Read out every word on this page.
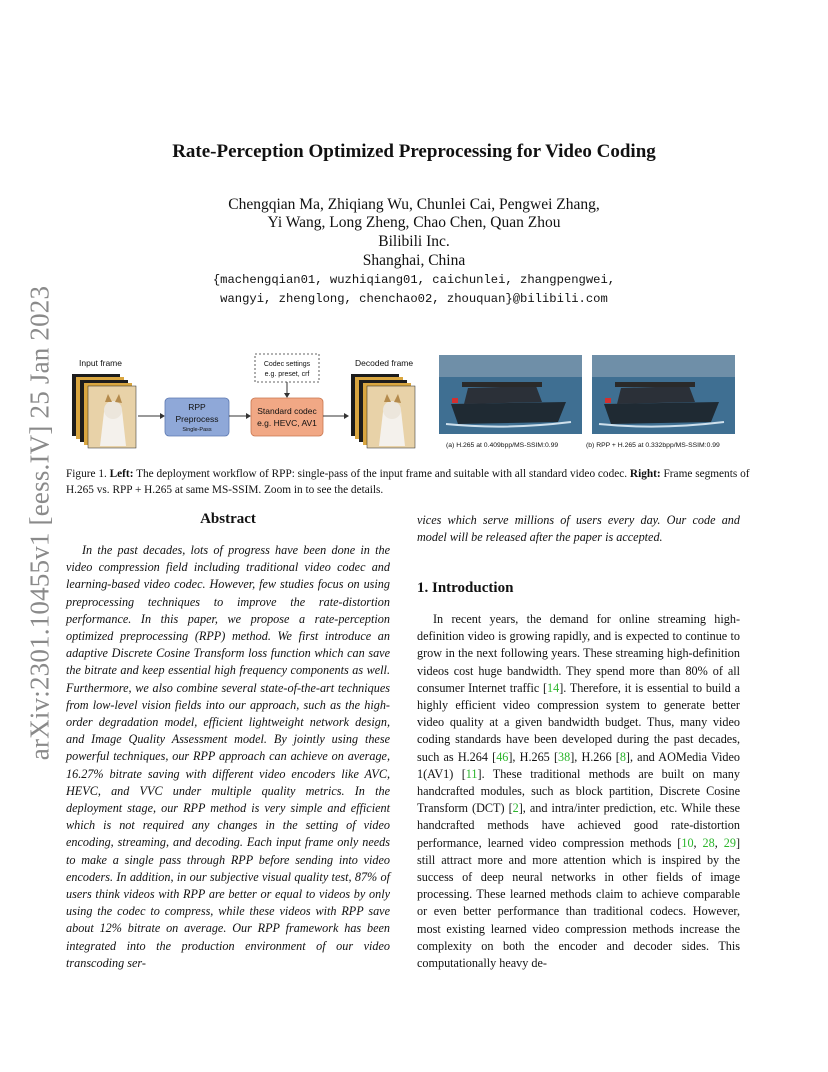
arXiv:2301.10455v1 [eess.IV] 25 Jan 2023
Rate-Perception Optimized Preprocessing for Video Coding
Chengqian Ma, Zhiqiang Wu, Chunlei Cai, Pengwei Zhang,
Yi Wang, Long Zheng, Chao Chen, Quan Zhou
Bilibili Inc.
Shanghai, China
{machengqian01, wuzhiqiang01, caichunlei, zhangpengwei,
wangyi, zhenglong, chenchao02, zhouquan}@bilibili.com
Input frame
RPP
Preprocess
Single-Pass
Codec settings
e.g. preset, crf
Standard codec
e.g. HEVC, AV1
Decoded frame
(a) H.265 at 0.409bpp/MS-SSIM:0.99	(b) RPP + H.265 at 0.332bpp/MS-SSIM:0.99
Figure 1. Left: The deployment workflow of RPP: single-pass of the input frame and suitable with all standard video codec. Right: Frame segments of H.265 vs. RPP + H.265 at same MS-SSIM. Zoom in to see the details.
Abstract

In the past decades, lots of progress have been done in the video compression field including traditional video codec and learning-based video codec. However, few studies focus on using preprocessing techniques to improve the rate-distortion performance. In this paper, we propose a rate-perception optimized preprocessing (RPP) method. We first introduce an adaptive Discrete Cosine Transform loss function which can save the bitrate and keep essential high frequency components as well. Furthermore, we also combine several state-of-the-art techniques from low-level vision fields into our approach, such as the high-order degradation model, efficient lightweight network design, and Image Quality Assessment model. By jointly using these powerful techniques, our RPP approach can achieve on average, 16.27% bitrate saving with different video encoders like AVC, HEVC, and VVC under multiple quality metrics. In the deployment stage, our RPP method is very simple and efficient which is not required any changes in the setting of video encoding, streaming, and decoding. Each input frame only needs to make a single pass through RPP before sending into video encoders. In addition, in our subjective visual quality test, 87% of users think videos with RPP are better or equal to videos by only using the codec to compress, while these videos with RPP save about 12% bitrate on average. Our RPP framework has been integrated into the production environment of our video transcoding ser-

vices which serve millions of users every day. Our code and model will be released after the paper is accepted.
1. Introduction

In recent years, the demand for online streaming high-definition video is growing rapidly, and is expected to continue to grow in the next following years. These streaming high-definition videos cost huge bandwidth. They spend more than 80% of all consumer Internet traffic [14]. Therefore, it is essential to build a highly efficient video compression system to generate better video quality at a given bandwidth budget. Thus, many video coding standards have been developed during the past decades, such as H.264 [46], H.265 [38], H.266 [8], and AOMedia Video 1(AV1) [11]. These traditional methods are built on many handcrafted modules, such as block partition, Discrete Cosine Transform (DCT) [2], and intra/inter prediction, etc. While these handcrafted methods have achieved good rate-distortion performance, learned video compression methods [10, 28, 29] still attract more and more attention which is inspired by the success of deep neural networks in other fields of image processing. These learned methods claim to achieve comparable or even better performance than traditional codecs. However, most existing learned video compression methods increase the complexity on both the encoder and decoder sides. This computationally heavy de-
